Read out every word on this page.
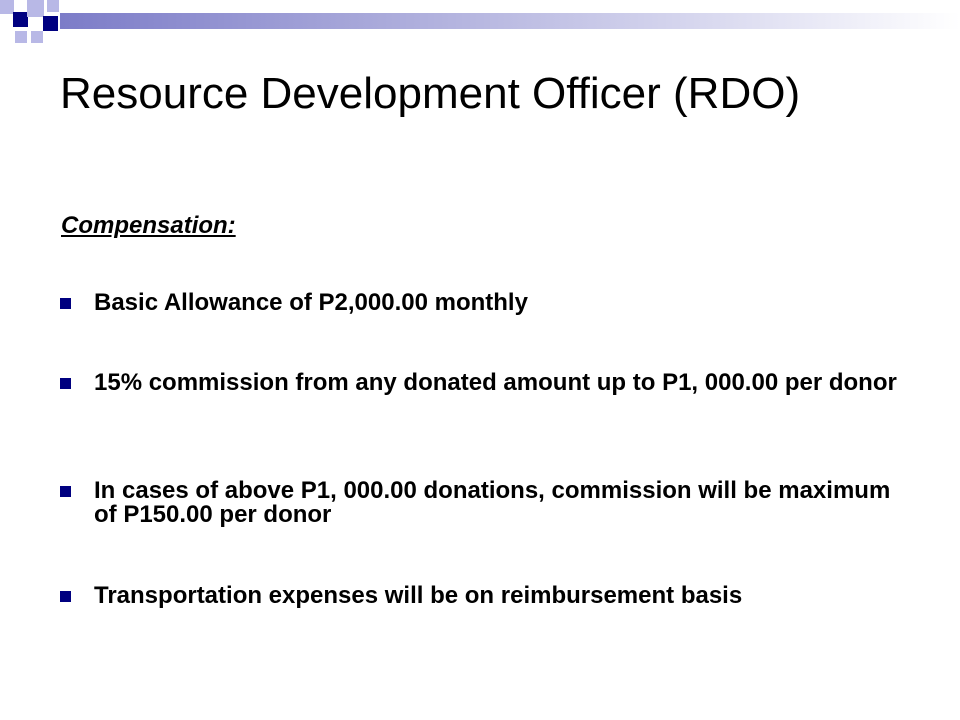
Resource Development Officer (RDO)
Compensation:
Basic Allowance of P2,000.00 monthly
15% commission from any donated amount up to P1, 000.00 per donor
In cases of above P1, 000.00 donations, commission will be maximum of P150.00 per donor
Transportation expenses will be on reimbursement basis
